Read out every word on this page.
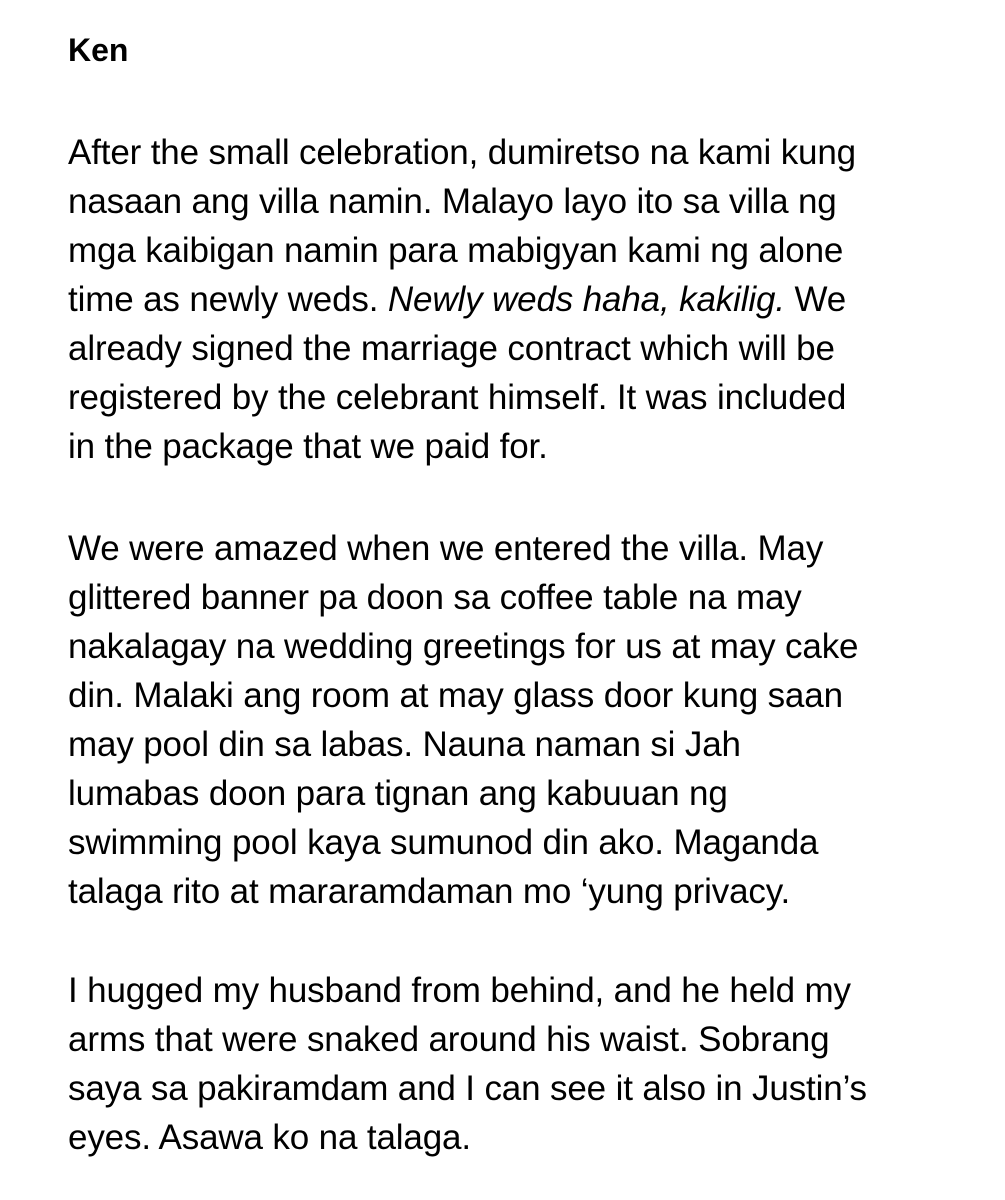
Ken

After the small celebration, dumiretso na kami kung
nasaan ang villa namin. Malayo layo ito sa villa ng
mga kaibigan namin para mabigyan kami ng alone
time as newly weds. Newly weds haha, kakilig. We
already signed the marriage contract which will be
registered by the celebrant himself. It was included
in the package that we paid for.

We were amazed when we entered the villa. May
glittered banner pa doon sa coffee table na may
nakalagay na wedding greetings for us at may cake
din. Malaki ang room at may glass door kung saan
may pool din sa labas. Nauna naman si Jah
lumabas doon para tignan ang kabuuan ng
swimming pool kaya sumunod din ako. Maganda
talaga rito at mararamdaman mo ‘yung privacy.

I hugged my husband from behind, and he held my
arms that were snaked around his waist. Sobrang
saya sa pakiramdam and I can see it also in Justin’s
eyes. Asawa ko na talaga.
